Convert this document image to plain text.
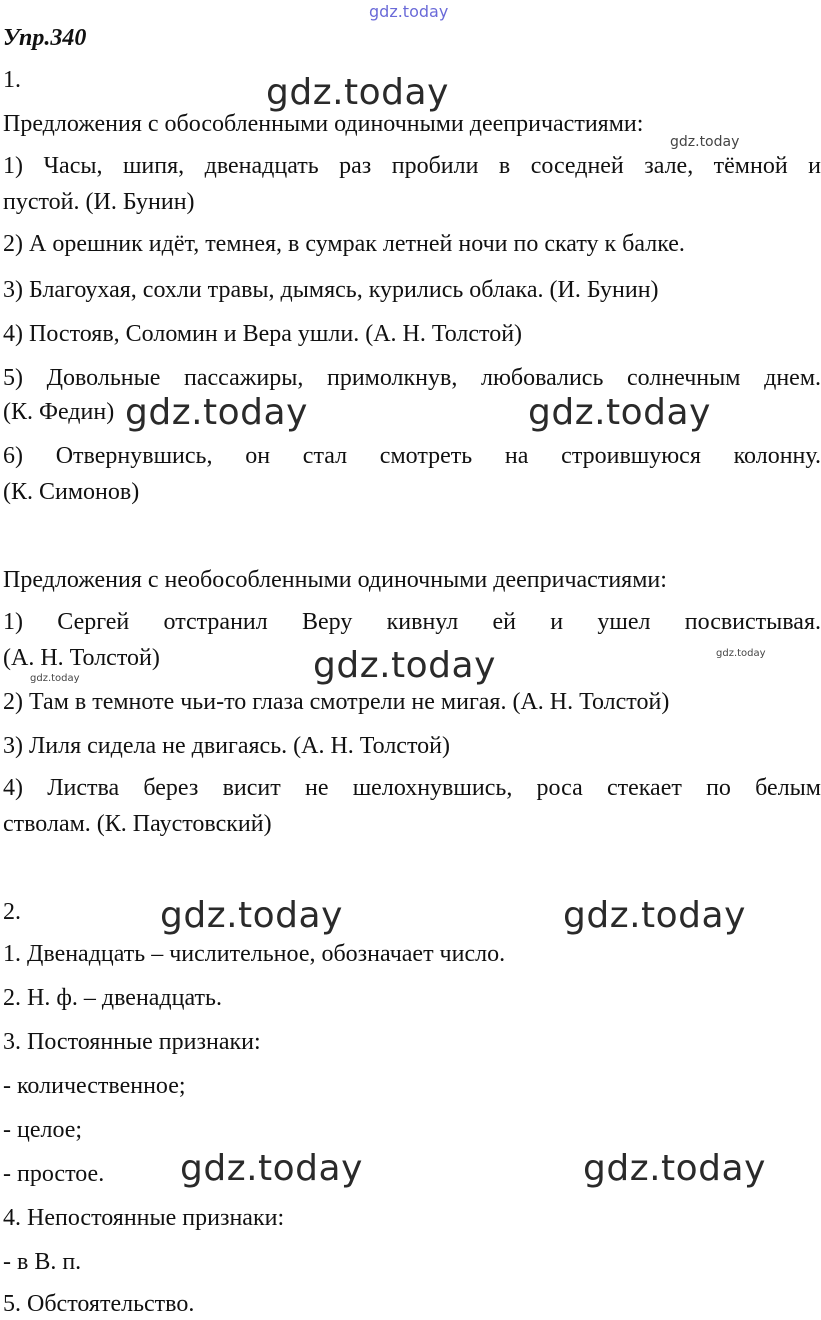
Упр.340
1.
Предложения с обособленными одиночными деепричастиями:
1) Часы, шипя, двенадцать раз пробили в соседней зале, тёмной и
пустой. (И. Бунин)
2) А орешник идёт, темнея, в сумрак летней ночи по скату к балке.
3) Благоухая, сохли травы, дымясь, курились облака. (И. Бунин)
4) Постояв, Соломин и Вера ушли. (А. Н. Толстой)
5) Довольные пассажиры, примолкнув, любовались солнечным днем.
(К. Федин)
6) Отвернувшись, он стал смотреть на строившуюся колонну.
(К. Симонов)
Предложения с необособленными одиночными деепричастиями:
1) Сергей отстранил Веру кивнул ей и ушел посвистывая.
(А. Н. Толстой)
2) Там в темноте чьи-то глаза смотрели не мигая. (А. Н. Толстой)
3) Лиля сидела не двигаясь. (А. Н. Толстой)
4) Листва берез висит не шелохнувшись, роса стекает по белым
стволам. (К. Паустовский)
2.
1. Двенадцать – числительное, обозначает число.
2. Н. ф. – двенадцать.
3. Постоянные признаки:
- количественное;
- целое;
- простое.
4. Непостоянные признаки:
- в В. п.
5. Обстоятельство.
gdz.today
gdz.today
gdz.today
gdz.today	gdz.today
gdz.today
gdz.today
gdz.today
gdz.today	gdz.today
gdz.today	gdz.today
